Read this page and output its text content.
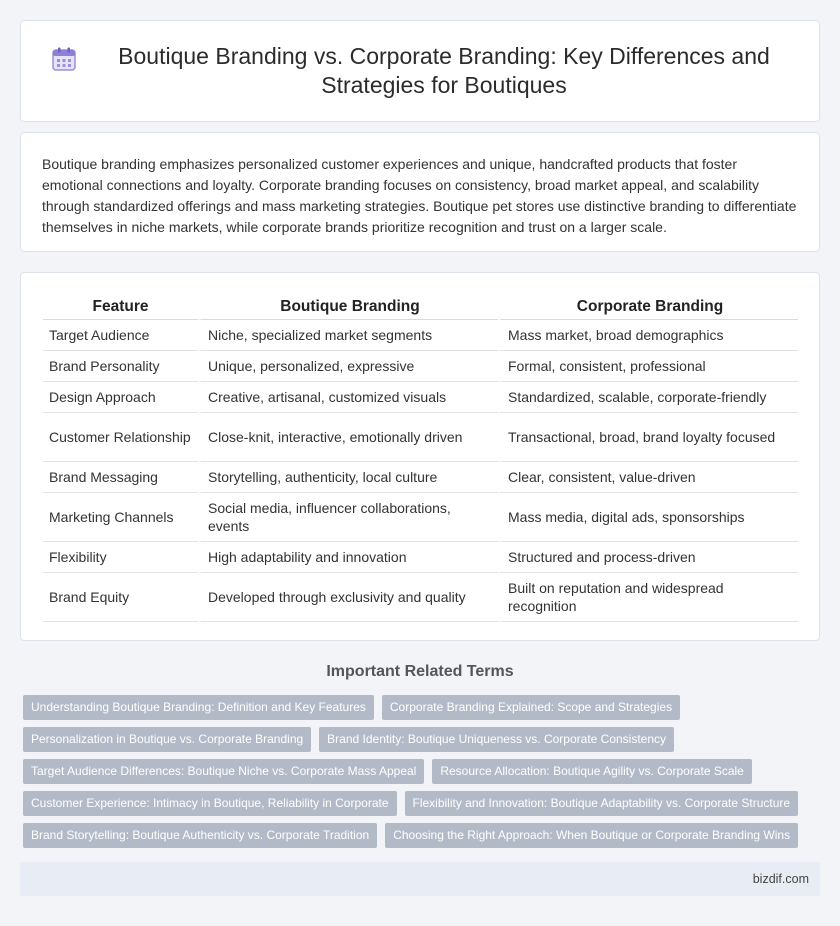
Boutique Branding vs. Corporate Branding: Key Differences and Strategies for Boutiques

Boutique branding emphasizes personalized customer experiences and unique, handcrafted products that foster emotional connections and loyalty. Corporate branding focuses on consistency, broad market appeal, and scalability through standardized offerings and mass marketing strategies. Boutique pet stores use distinctive branding to differentiate themselves in niche markets, while corporate brands prioritize recognition and trust on a larger scale.

Feature	Boutique Branding	Corporate Branding
Target Audience	Niche, specialized market segments	Mass market, broad demographics
Brand Personality	Unique, personalized, expressive	Formal, consistent, professional
Design Approach	Creative, artisanal, customized visuals	Standardized, scalable, corporate-friendly
Customer Relationship	Close-knit, interactive, emotionally driven	Transactional, broad, brand loyalty focused
Brand Messaging	Storytelling, authenticity, local culture	Clear, consistent, value-driven
Marketing Channels	Social media, influencer collaborations, events	Mass media, digital ads, sponsorships
Flexibility	High adaptability and innovation	Structured and process-driven
Brand Equity	Developed through exclusivity and quality	Built on reputation and widespread recognition
Important Related Terms
Understanding Boutique Branding: Definition and Key Features	Corporate Branding Explained: Scope and Strategies
Personalization in Boutique vs. Corporate Branding	Brand Identity: Boutique Uniqueness vs. Corporate Consistency
Target Audience Differences: Boutique Niche vs. Corporate Mass Appeal	Resource Allocation: Boutique Agility vs. Corporate Scale
Customer Experience: Intimacy in Boutique, Reliability in Corporate	Flexibility and Innovation: Boutique Adaptability vs. Corporate Structure
Brand Storytelling: Boutique Authenticity vs. Corporate Tradition	Choosing the Right Approach: When Boutique or Corporate Branding Wins
bizdif.com
